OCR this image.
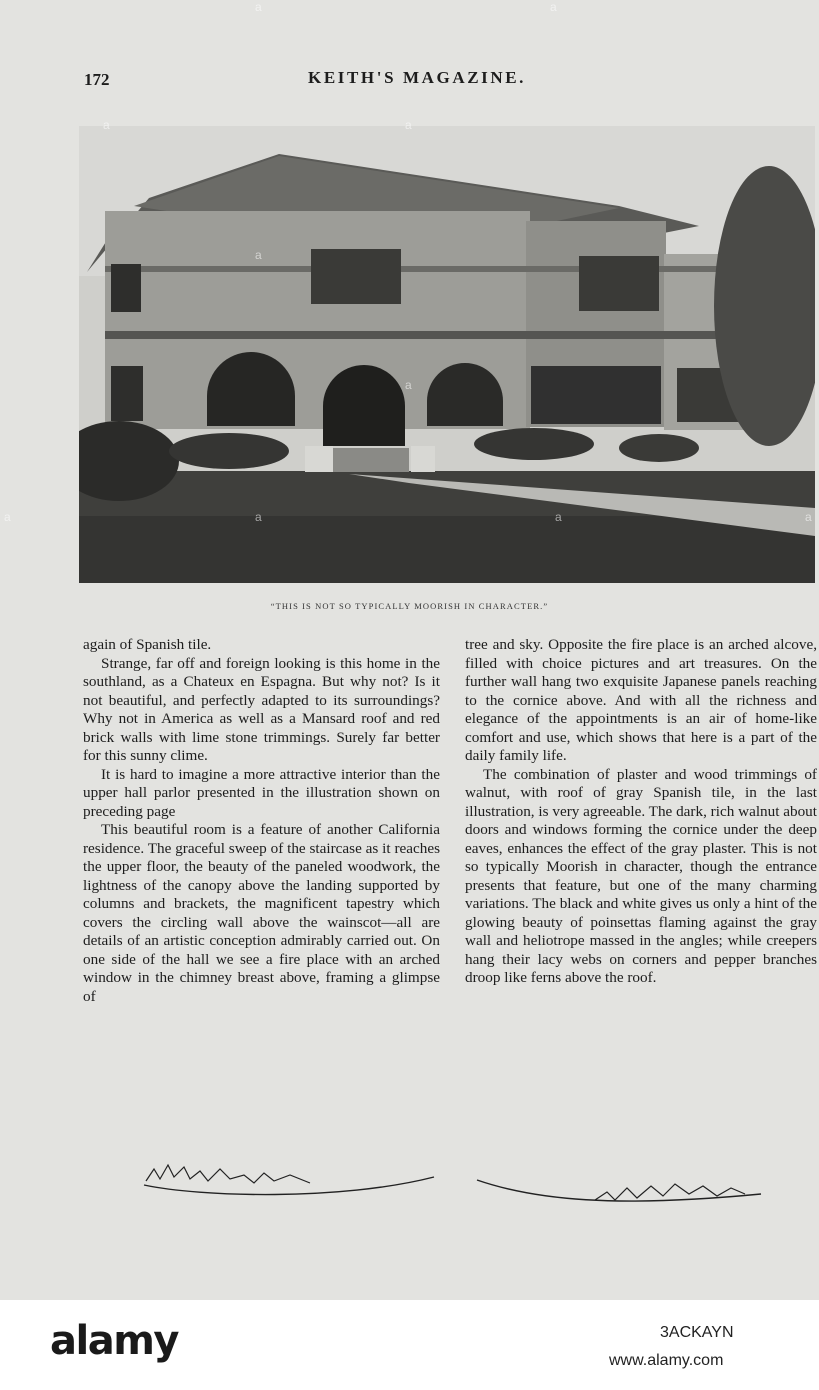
172	KEITH'S MAGAZINE.
“THIS IS NOT SO TYPICALLY MOORISH IN CHARACTER.”

again of Spanish tile.

Strange, far off and foreign looking is this home in the southland, as a Chateux en Espagna. But why not? Is it not beautiful, and perfectly adapted to its surroundings? Why not in America as well as a Mansard roof and red brick walls with lime stone trimmings. Surely far better for this sunny clime.

It is hard to imagine a more attractive interior than the upper hall parlor presented in the illustration shown on preceding page

This beautiful room is a feature of another California residence. The graceful sweep of the staircase as it reaches the upper floor, the beauty of the paneled woodwork, the lightness of the canopy above the landing supported by columns and brackets, the magnificent tapestry which covers the circling wall above the wainscot—all are details of an artistic conception admirably carried out. On one side of the hall we see a fire place with an arched window in the chimney breast above, framing a glimpse of

tree and sky. Opposite the fire place is an arched alcove, filled with choice pictures and art treasures. On the further wall hang two exquisite Japanese panels reaching to the cornice above. And with all the richness and elegance of the appointments is an air of home-like comfort and use, which shows that here is a part of the daily family life.

The combination of plaster and wood trimmings of walnut, with roof of gray Spanish tile, in the last illustration, is very agreeable. The dark, rich walnut about doors and windows forming the cornice under the deep eaves, enhances the effect of the gray plaster. This is not so typically Moorish in character, though the entrance presents that feature, but one of the many charming variations. The black and white gives us only a hint of the glowing beauty of poinsettas flaming against the gray wall and heliotrope massed in the angles; while creepers hang their lacy webs on corners and pepper branches droop like ferns above the roof.

a	a
a	a
a
a
a	a
a	a
alamy	3ACKAYN
www.alamy.com
